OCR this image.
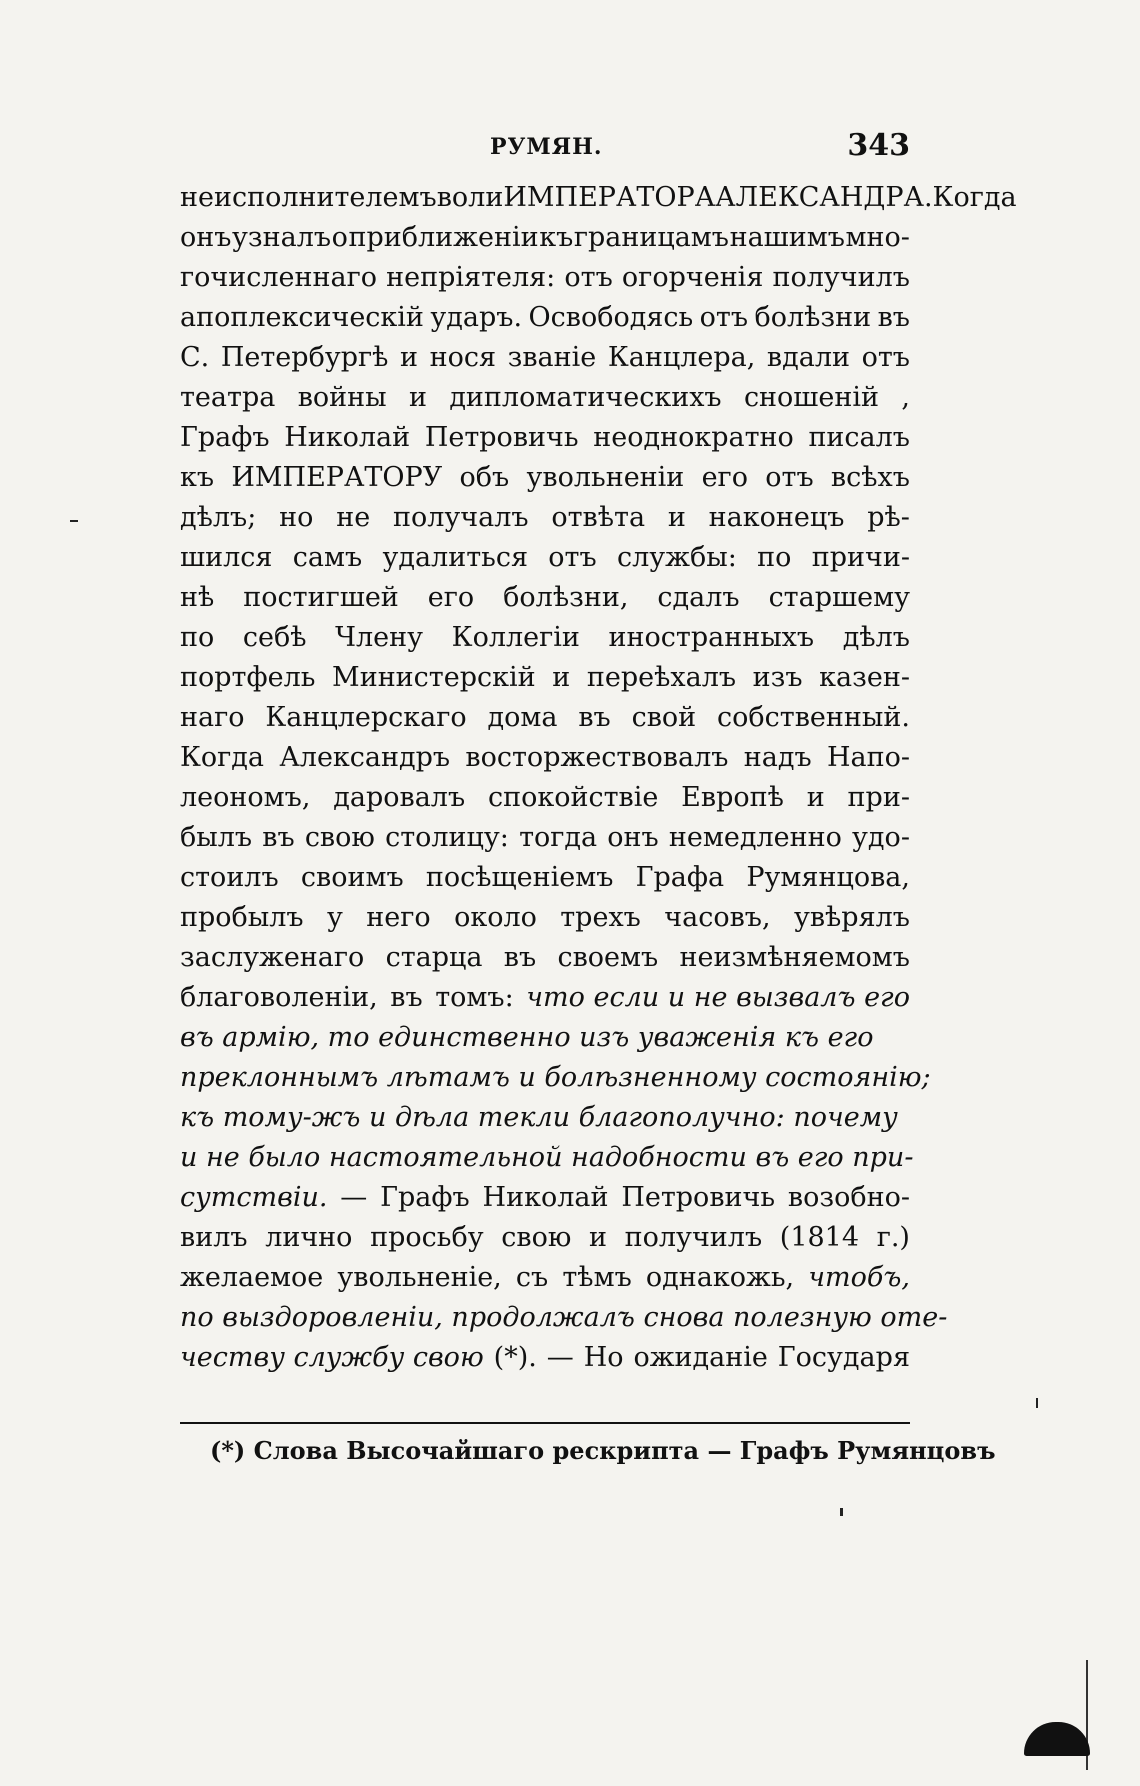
РУМЯН.	343
неисполнителемъ воли ИМПЕРАТОРА АЛЕКСАНДРА. Когда
онъ узналъ о приближеніи къ границамъ нашимъ мно-
гочисленнаго непріятеля: отъ огорченія получилъ
апоплексическій ударъ. Освободясь отъ болѣзни въ
С. Петербургѣ и нося званіе Канцлера, вдали отъ
театра войны и дипломатическихъ сношеній ,
Графъ Николай Петровичь неоднократно писалъ
къ ИМПЕРАТОРУ объ увольненіи его отъ всѣхъ
дѣлъ; но не получалъ отвѣта и наконецъ рѣ-
шился самъ удалиться отъ службы: по причи-
нѣ постигшей его болѣзни, сдалъ старшему
по себѣ Члену Коллегіи иностранныхъ дѣлъ
портфель Министерскій и переѣхалъ изъ казен-
наго Канцлерскаго дома въ свой собственный.
Когда Александръ восторжествовалъ надъ Напо-
леономъ, даровалъ спокойствіе Европѣ и при-
былъ въ свою столицу: тогда онъ немедленно удо-
стоилъ своимъ посѣщеніемъ Графа Румянцова,
пробылъ у него около трехъ часовъ, увѣрялъ
заслуженаго старца въ своемъ неизмѣняемомъ
благоволеніи, въ томъ: что если и не вызвалъ его
въ армію, то единственно изъ уваженія къ его
преклоннымъ лѣтамъ и болѣзненному состоянію;
къ тому-жъ и дѣла текли благополучно: почему
и не было настоятельной надобности въ его при-
сутствіи. — Графъ Николай Петровичь возобно-
вилъ лично просьбу свою и получилъ (1814 г.)
желаемое увольненіе, съ тѣмъ однакожь, чтобъ,
по выздоровленіи, продолжалъ снова полезную оте-
честву службу свою (*). — Но ожиданіе Государя
(*) Слова Высочайшаго рескрипта — Графъ Румянцовъ
